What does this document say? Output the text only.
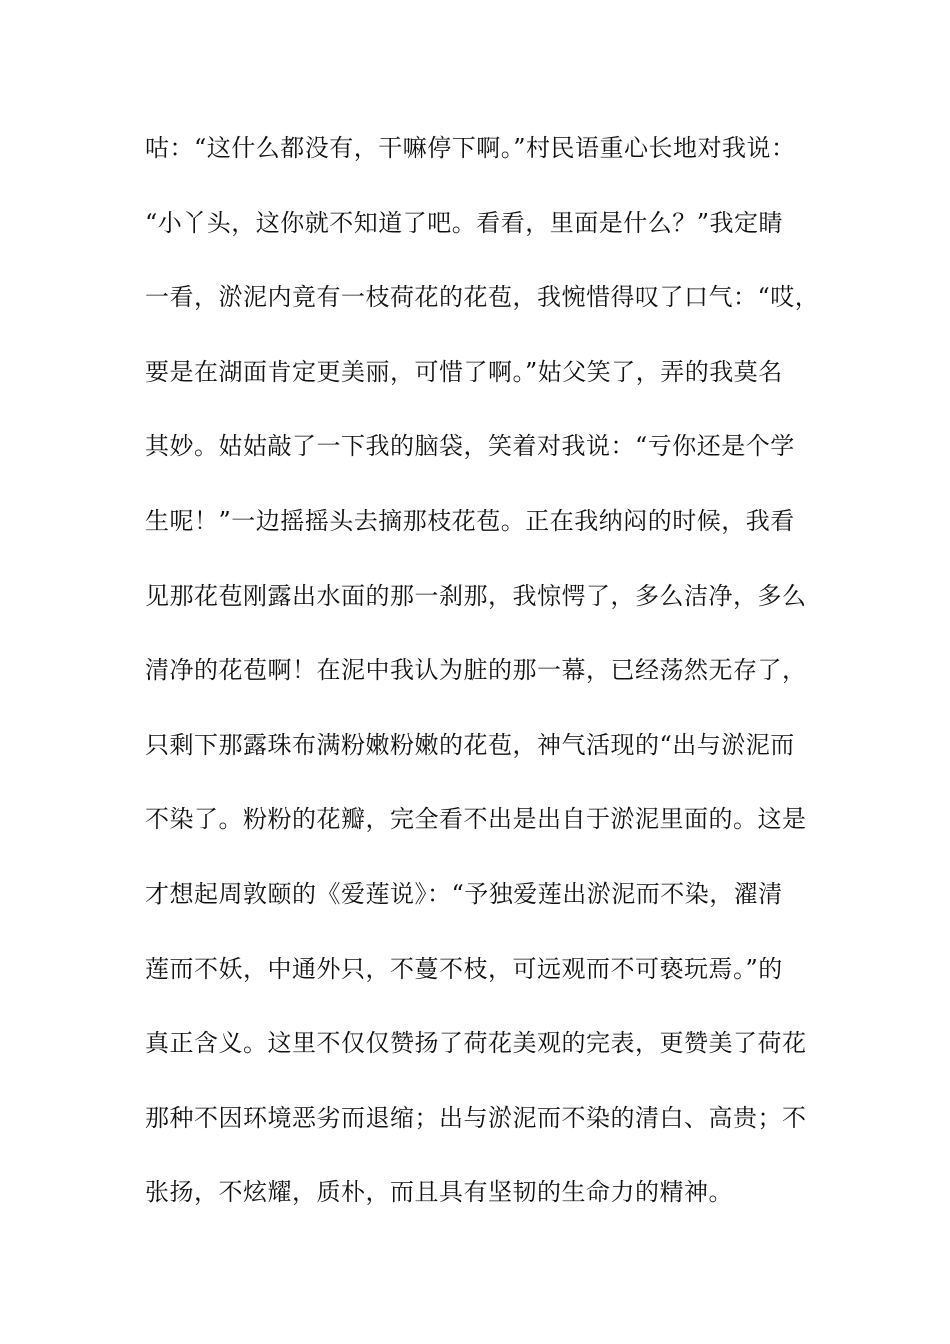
咕：“这什么都没有，干嘛停下啊。”村民语重心长地对我说：
“小丫头，这你就不知道了吧。看看，里面是什么？”我定睛
一看，淤泥内竟有一枝荷花的花苞，我惋惜得叹了口气：“哎，
要是在湖面肯定更美丽，可惜了啊。”姑父笑了，弄的我莫名
其妙。姑姑敲了一下我的脑袋，笑着对我说：“亏你还是个学
生呢！”一边摇摇头去摘那枝花苞。正在我纳闷的时候，我看
见那花苞刚露出水面的那一刹那，我惊愕了，多么洁净，多么
清净的花苞啊！在泥中我认为脏的那一幕，已经荡然无存了，
只剩下那露珠布满粉嫩粉嫩的花苞，神气活现的“出与淤泥而
不染了。粉粉的花瓣，完全看不出是出自于淤泥里面的。这是
才想起周敦颐的《爱莲说》：“予独爱莲出淤泥而不染，濯清
莲而不妖，中通外只，不蔓不枝，可远观而不可亵玩焉。”的
真正含义。这里不仅仅赞扬了荷花美观的完表，更赞美了荷花
那种不因环境恶劣而退缩；出与淤泥而不染的清白、高贵；不
张扬，不炫耀，质朴，而且具有坚韧的生命力的精神。
